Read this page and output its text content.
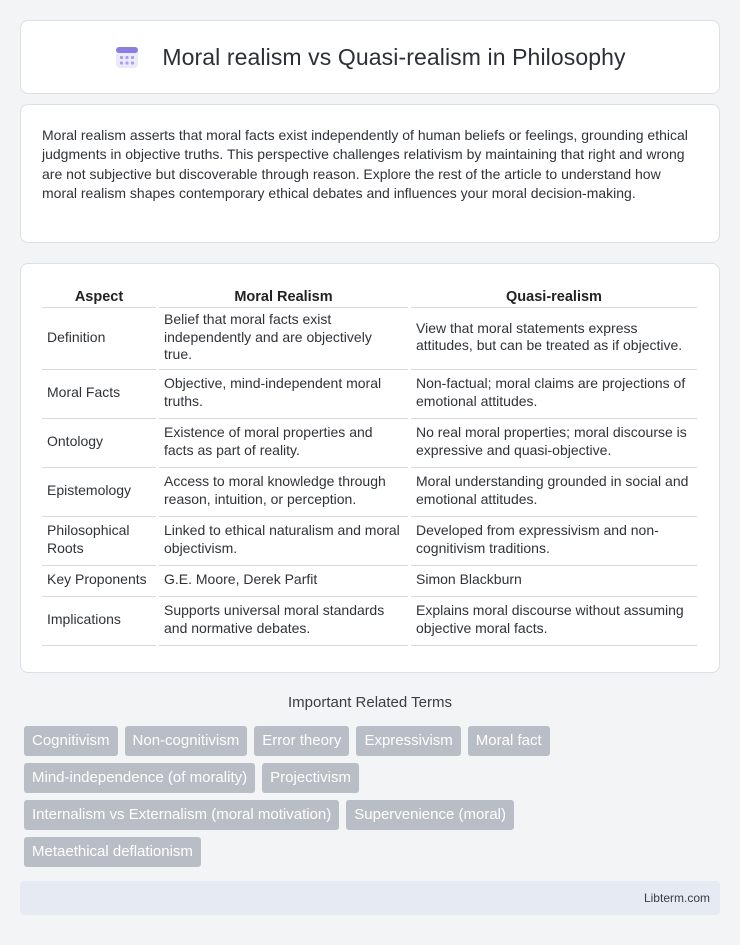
Moral realism vs Quasi-realism in Philosophy

Moral realism asserts that moral facts exist independently of human beliefs or feelings, grounding ethical judgments in objective truths. This perspective challenges relativism by maintaining that right and wrong are not subjective but discoverable through reason. Explore the rest of the article to understand how moral realism shapes contemporary ethical debates and influences your moral decision-making.

Aspect	Moral Realism	Quasi-realism
Definition	Belief that moral facts exist independently and are objectively true.	View that moral statements express attitudes, but can be treated as if objective.
Moral Facts	Objective, mind-independent moral truths.	Non-factual; moral claims are projections of emotional attitudes.
Ontology	Existence of moral properties and facts as part of reality.	No real moral properties; moral discourse is expressive and quasi-objective.
Epistemology	Access to moral knowledge through reason, intuition, or perception.	Moral understanding grounded in social and emotional attitudes.
Philosophical Roots	Linked to ethical naturalism and moral objectivism.	Developed from expressivism and non-cognitivism traditions.
Key Proponents	G.E. Moore, Derek Parfit	Simon Blackburn
Implications	Supports universal moral standards and normative debates.	Explains moral discourse without assuming objective moral facts.
Important Related Terms
Cognitivism	Non-cognitivism	Error theory	Expressivism	Moral fact
Mind-independence (of morality)	Projectivism
Internalism vs Externalism (moral motivation)	Supervenience (moral)
Metaethical deflationism
Libterm.com
